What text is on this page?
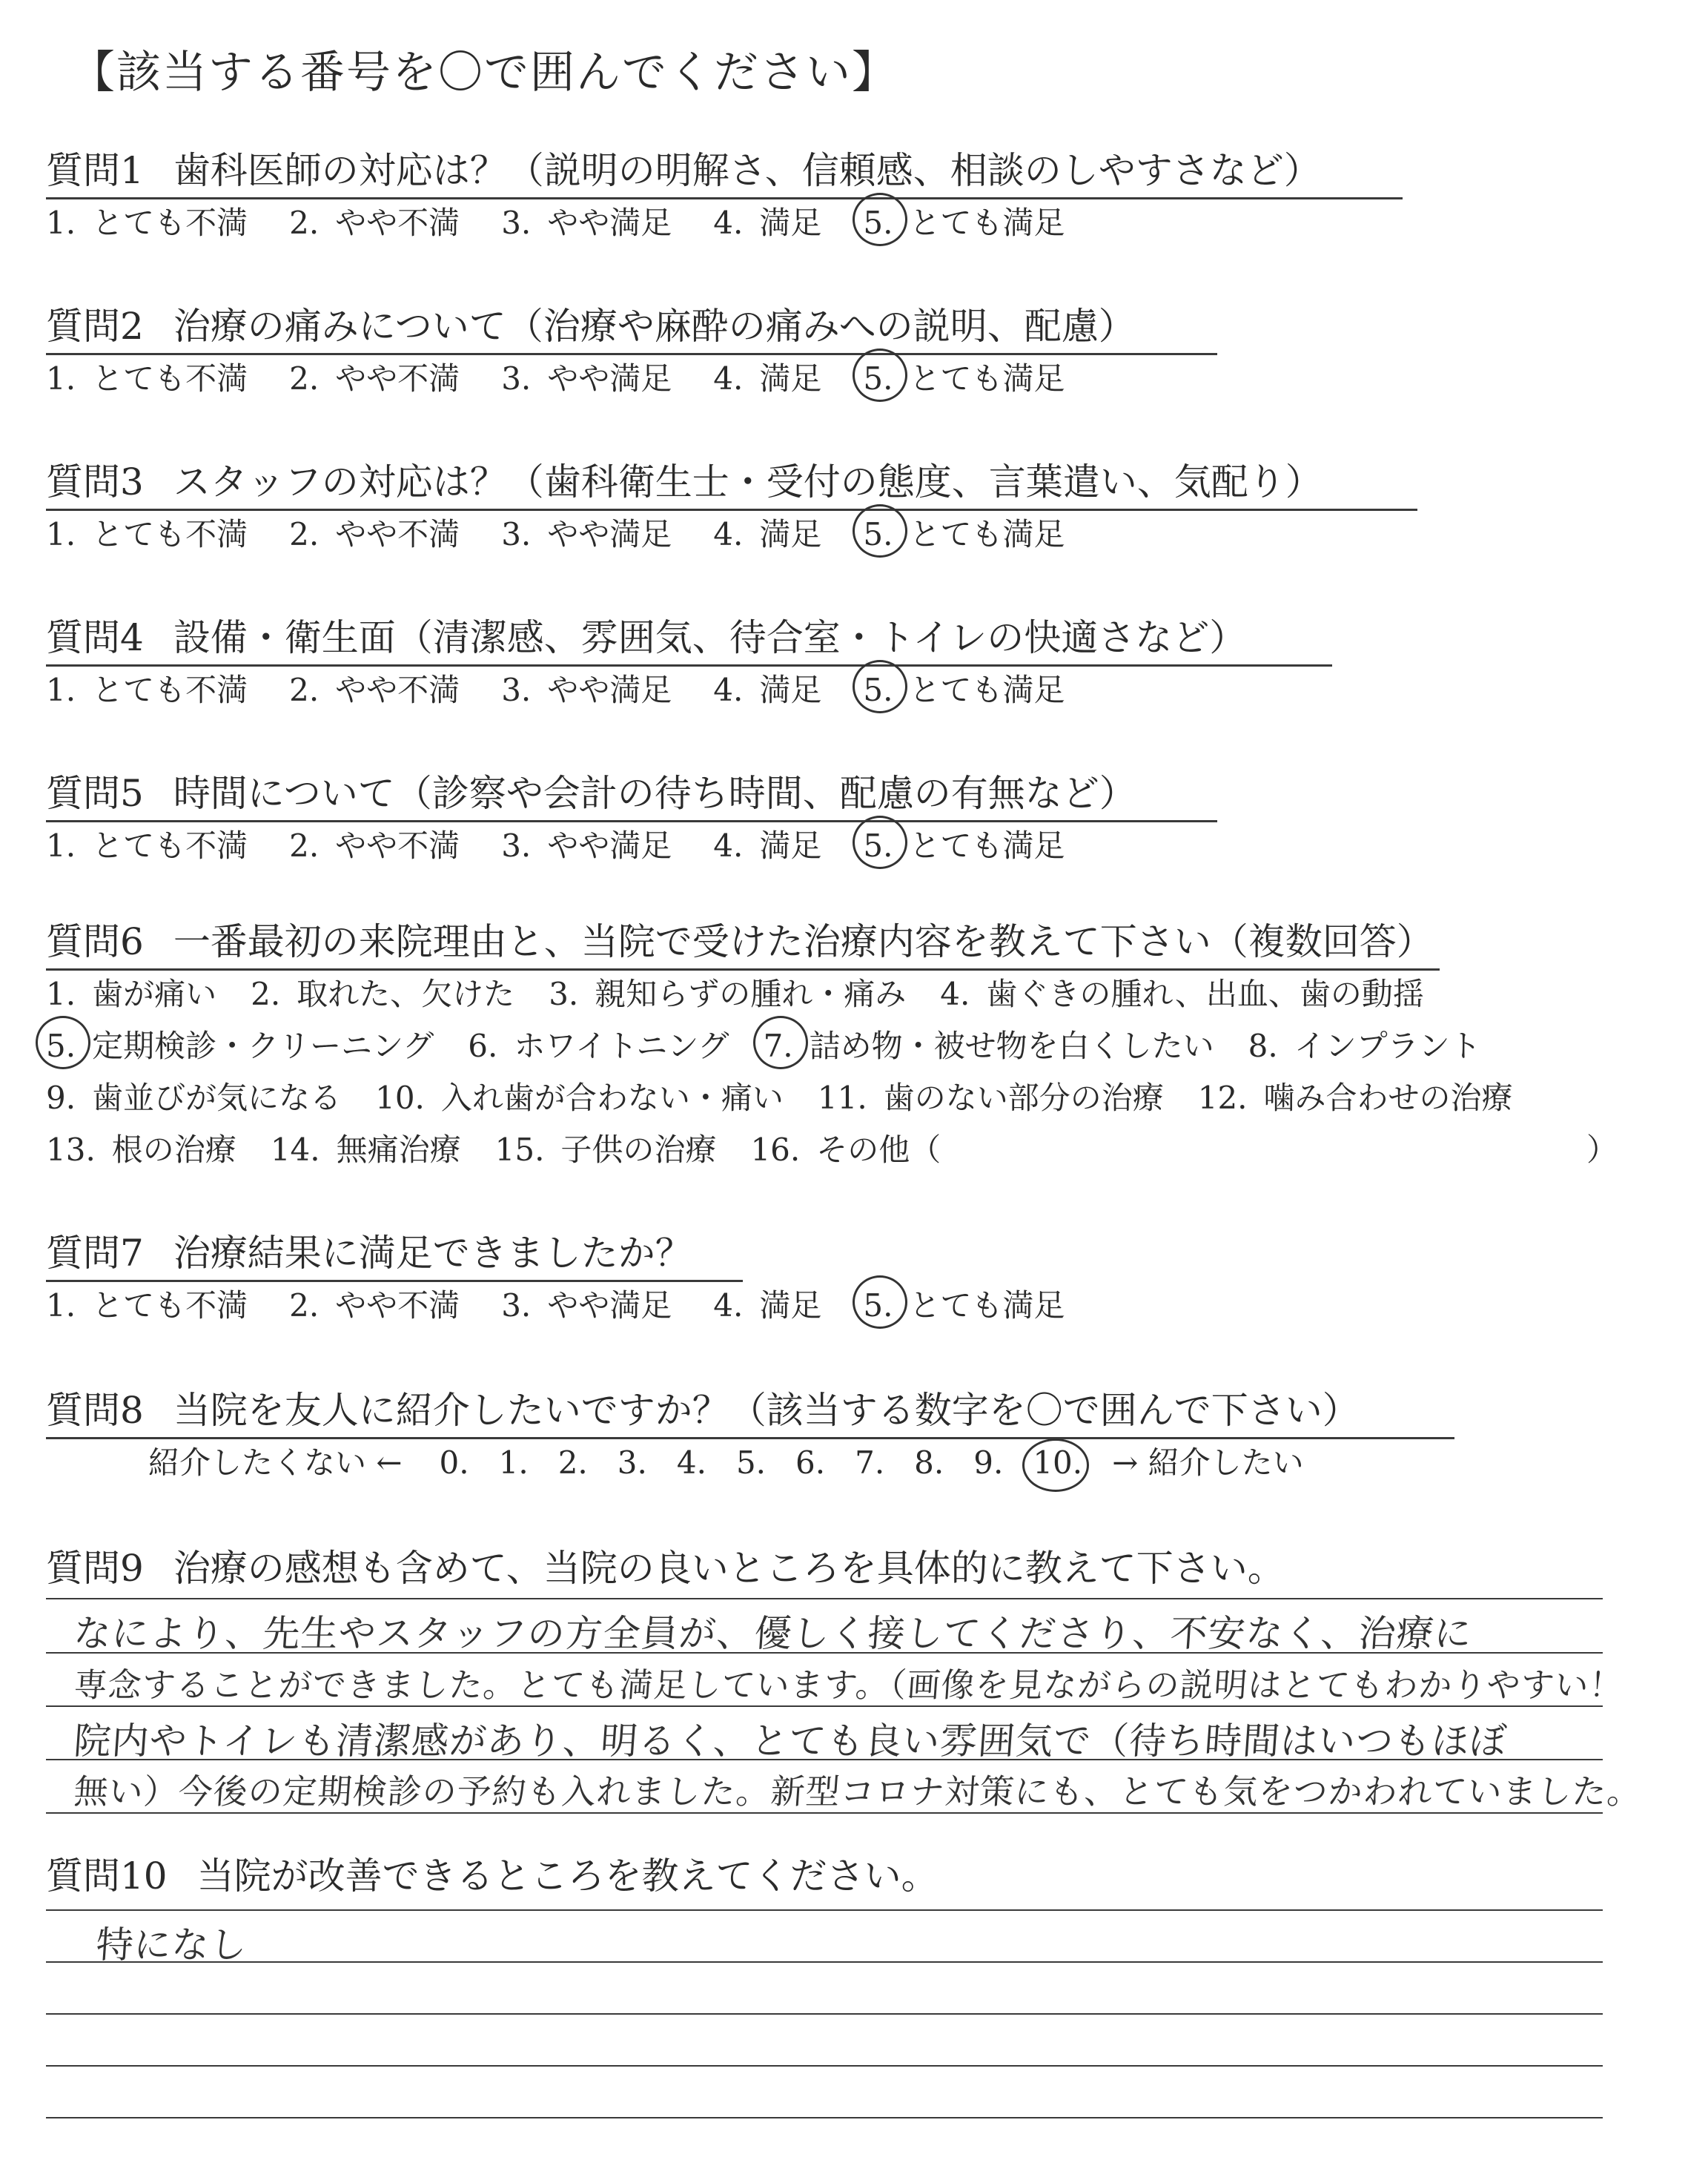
【該当する番号を〇で囲んでください】
質問1 歯科医師の対応は？（説明の明解さ、信頼感、相談のしやすさなど）
1. とても不満 2. やや不満 3. やや満足 4. 満足 5. とても満足
質問2 治療の痛みについて（治療や麻酔の痛みへの説明、配慮）
1. とても不満 2. やや不満 3. やや満足 4. 満足 5. とても満足
質問3 スタッフの対応は？（歯科衛生士・受付の態度、言葉遣い、気配り）
1. とても不満 2. やや不満 3. やや満足 4. 満足 5. とても満足
質問4 設備・衛生面（清潔感、雰囲気、待合室・トイレの快適さなど）
1. とても不満 2. やや不満 3. やや満足 4. 満足 5. とても満足
質問5 時間について（診察や会計の待ち時間、配慮の有無など）
1. とても不満 2. やや不満 3. やや満足 4. 満足 5. とても満足
質問6 一番最初の来院理由と、当院で受けた治療内容を教えて下さい（複数回答）
1. 歯が痛い 2. 取れた、欠けた 3. 親知らずの腫れ・痛み 4. 歯ぐきの腫れ、出血、歯の動揺
5. 定期検診・クリーニング 6. ホワイトニング 7. 詰め物・被せ物を白くしたい 8. インプラント
9. 歯並びが気になる 10. 入れ歯が合わない・痛い 11. 歯のない部分の治療 12. 噛み合わせの治療
13. 根の治療 14. 無痛治療 15. 子供の治療 16. その他（	）
質問7 治療結果に満足できましたか？
1. とても不満 2. やや不満 3. やや満足 4. 満足 5. とても満足
質問8 当院を友人に紹介したいですか？（該当する数字を〇で囲んで下さい）
紹介したくない ← 0. 1. 2. 3. 4. 5. 6. 7. 8. 9. 10. → 紹介したい
質問9 治療の感想も含めて、当院の良いところを具体的に教えて下さい。
なにより、先生やスタッフの方全員が、優しく接してくださり、不安なく、治療に
専念することができました。とても満足しています。（画像を見ながらの説明はとてもわかりやすい！
院内やトイレも清潔感があり、明るく、とても良い雰囲気で（待ち時間はいつもほぼ
無い）今後の定期検診の予約も入れました。新型コロナ対策にも、とても気をつかわれていました。
質問10 当院が改善できるところを教えてください。
特になし
